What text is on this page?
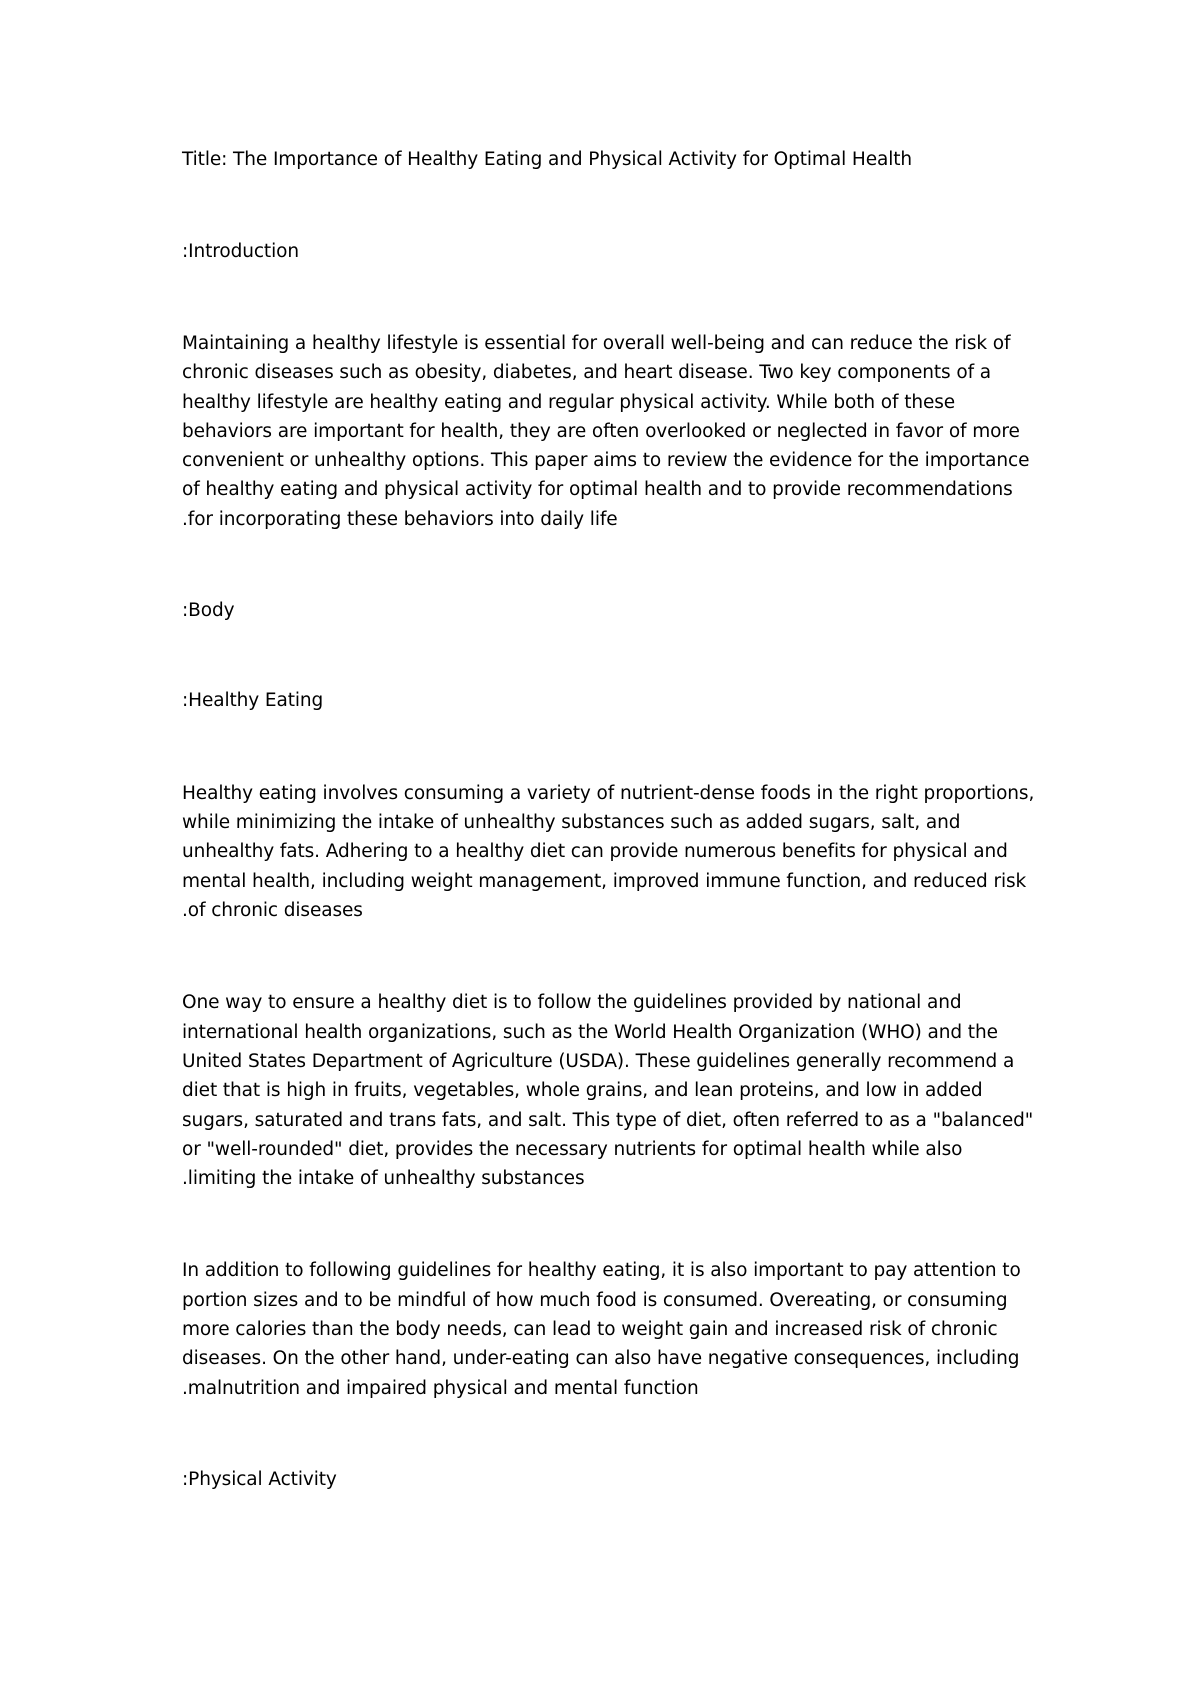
Title: The Importance of Healthy Eating and Physical Activity for Optimal Health
:Introduction
Maintaining a healthy lifestyle is essential for overall well-being and can reduce the risk of
chronic diseases such as obesity, diabetes, and heart disease. Two key components of a
healthy lifestyle are healthy eating and regular physical activity. While both of these
behaviors are important for health, they are often overlooked or neglected in favor of more
convenient or unhealthy options. This paper aims to review the evidence for the importance
of healthy eating and physical activity for optimal health and to provide recommendations
.for incorporating these behaviors into daily life
:Body
:Healthy Eating
Healthy eating involves consuming a variety of nutrient-dense foods in the right proportions,
while minimizing the intake of unhealthy substances such as added sugars, salt, and
unhealthy fats. Adhering to a healthy diet can provide numerous benefits for physical and
mental health, including weight management, improved immune function, and reduced risk
.of chronic diseases
One way to ensure a healthy diet is to follow the guidelines provided by national and
international health organizations, such as the World Health Organization (WHO) and the
United States Department of Agriculture (USDA). These guidelines generally recommend a
diet that is high in fruits, vegetables, whole grains, and lean proteins, and low in added
sugars, saturated and trans fats, and salt. This type of diet, often referred to as a "balanced"
or "well-rounded" diet, provides the necessary nutrients for optimal health while also
.limiting the intake of unhealthy substances
In addition to following guidelines for healthy eating, it is also important to pay attention to
portion sizes and to be mindful of how much food is consumed. Overeating, or consuming
more calories than the body needs, can lead to weight gain and increased risk of chronic
diseases. On the other hand, under-eating can also have negative consequences, including
.malnutrition and impaired physical and mental function
:Physical Activity
